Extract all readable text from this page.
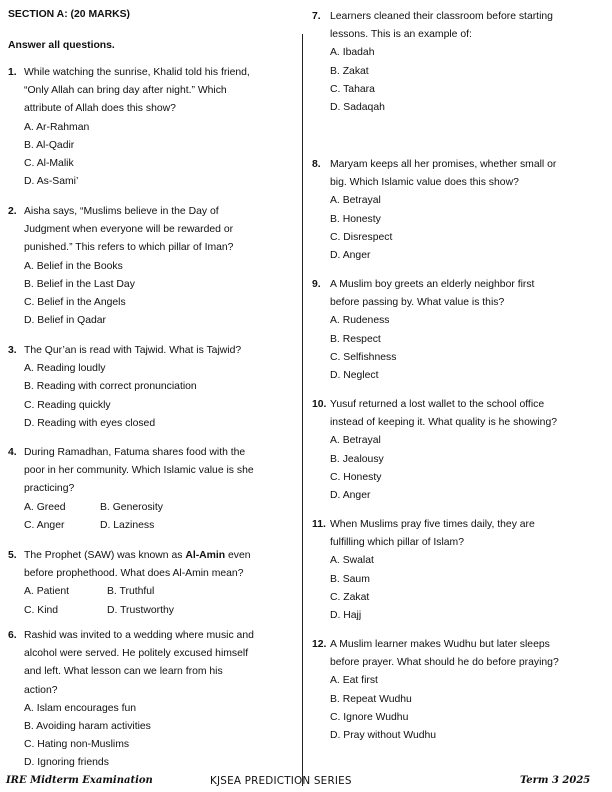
SECTION A: (20 MARKS)
Answer all questions.
1. While watching the sunrise, Khalid told his friend,
“Only Allah can bring day after night.” Which
attribute of Allah does this show?
A. Ar-Rahman
B. Al-Qadir
C. Al-Malik
D. As-Sami’
2. Aisha says, “Muslims believe in the Day of
Judgment when everyone will be rewarded or
punished.” This refers to which pillar of Iman?
A. Belief in the Books
B. Belief in the Last Day
C. Belief in the Angels
D. Belief in Qadar
3. The Qur’an is read with Tajwid. What is Tajwid?
A. Reading loudly
B. Reading with correct pronunciation
C. Reading quickly
D. Reading with eyes closed
4. During Ramadhan, Fatuma shares food with the
poor in her community. Which Islamic value is she
practicing?
A. Greed	B. Generosity
C. Anger	D. Laziness
5. The Prophet (SAW) was known as Al-Amin even
before prophethood. What does Al-Amin mean?
A. Patient	B. Truthful
C. Kind	D. Trustworthy
6. Rashid was invited to a wedding where music and
alcohol were served. He politely excused himself
and left. What lesson can we learn from his
action?
A. Islam encourages fun
B. Avoiding haram activities
C. Hating non-Muslims
D. Ignoring friends
7. Learners cleaned their classroom before starting
lessons. This is an example of:
A. Ibadah
B. Zakat
C. Tahara
D. Sadaqah
8. Maryam keeps all her promises, whether small or
big. Which Islamic value does this show?
A. Betrayal
B. Honesty
C. Disrespect
D. Anger
9. A Muslim boy greets an elderly neighbor first
before passing by. What value is this?
A. Rudeness
B. Respect
C. Selfishness
D. Neglect
10. Yusuf returned a lost wallet to the school office
instead of keeping it. What quality is he showing?
A. Betrayal
B. Jealousy
C. Honesty
D. Anger
11. When Muslims pray five times daily, they are
fulfilling which pillar of Islam?
A. Swalat
B. Saum
C. Zakat
D. Hajj
12. A Muslim learner makes Wudhu but later sleeps
before prayer. What should he do before praying?
A. Eat first
B. Repeat Wudhu
C. Ignore Wudhu
D. Pray without Wudhu
IRE Midterm Examination	KJSEA PREDICTION SERIES	Term 3 2025
